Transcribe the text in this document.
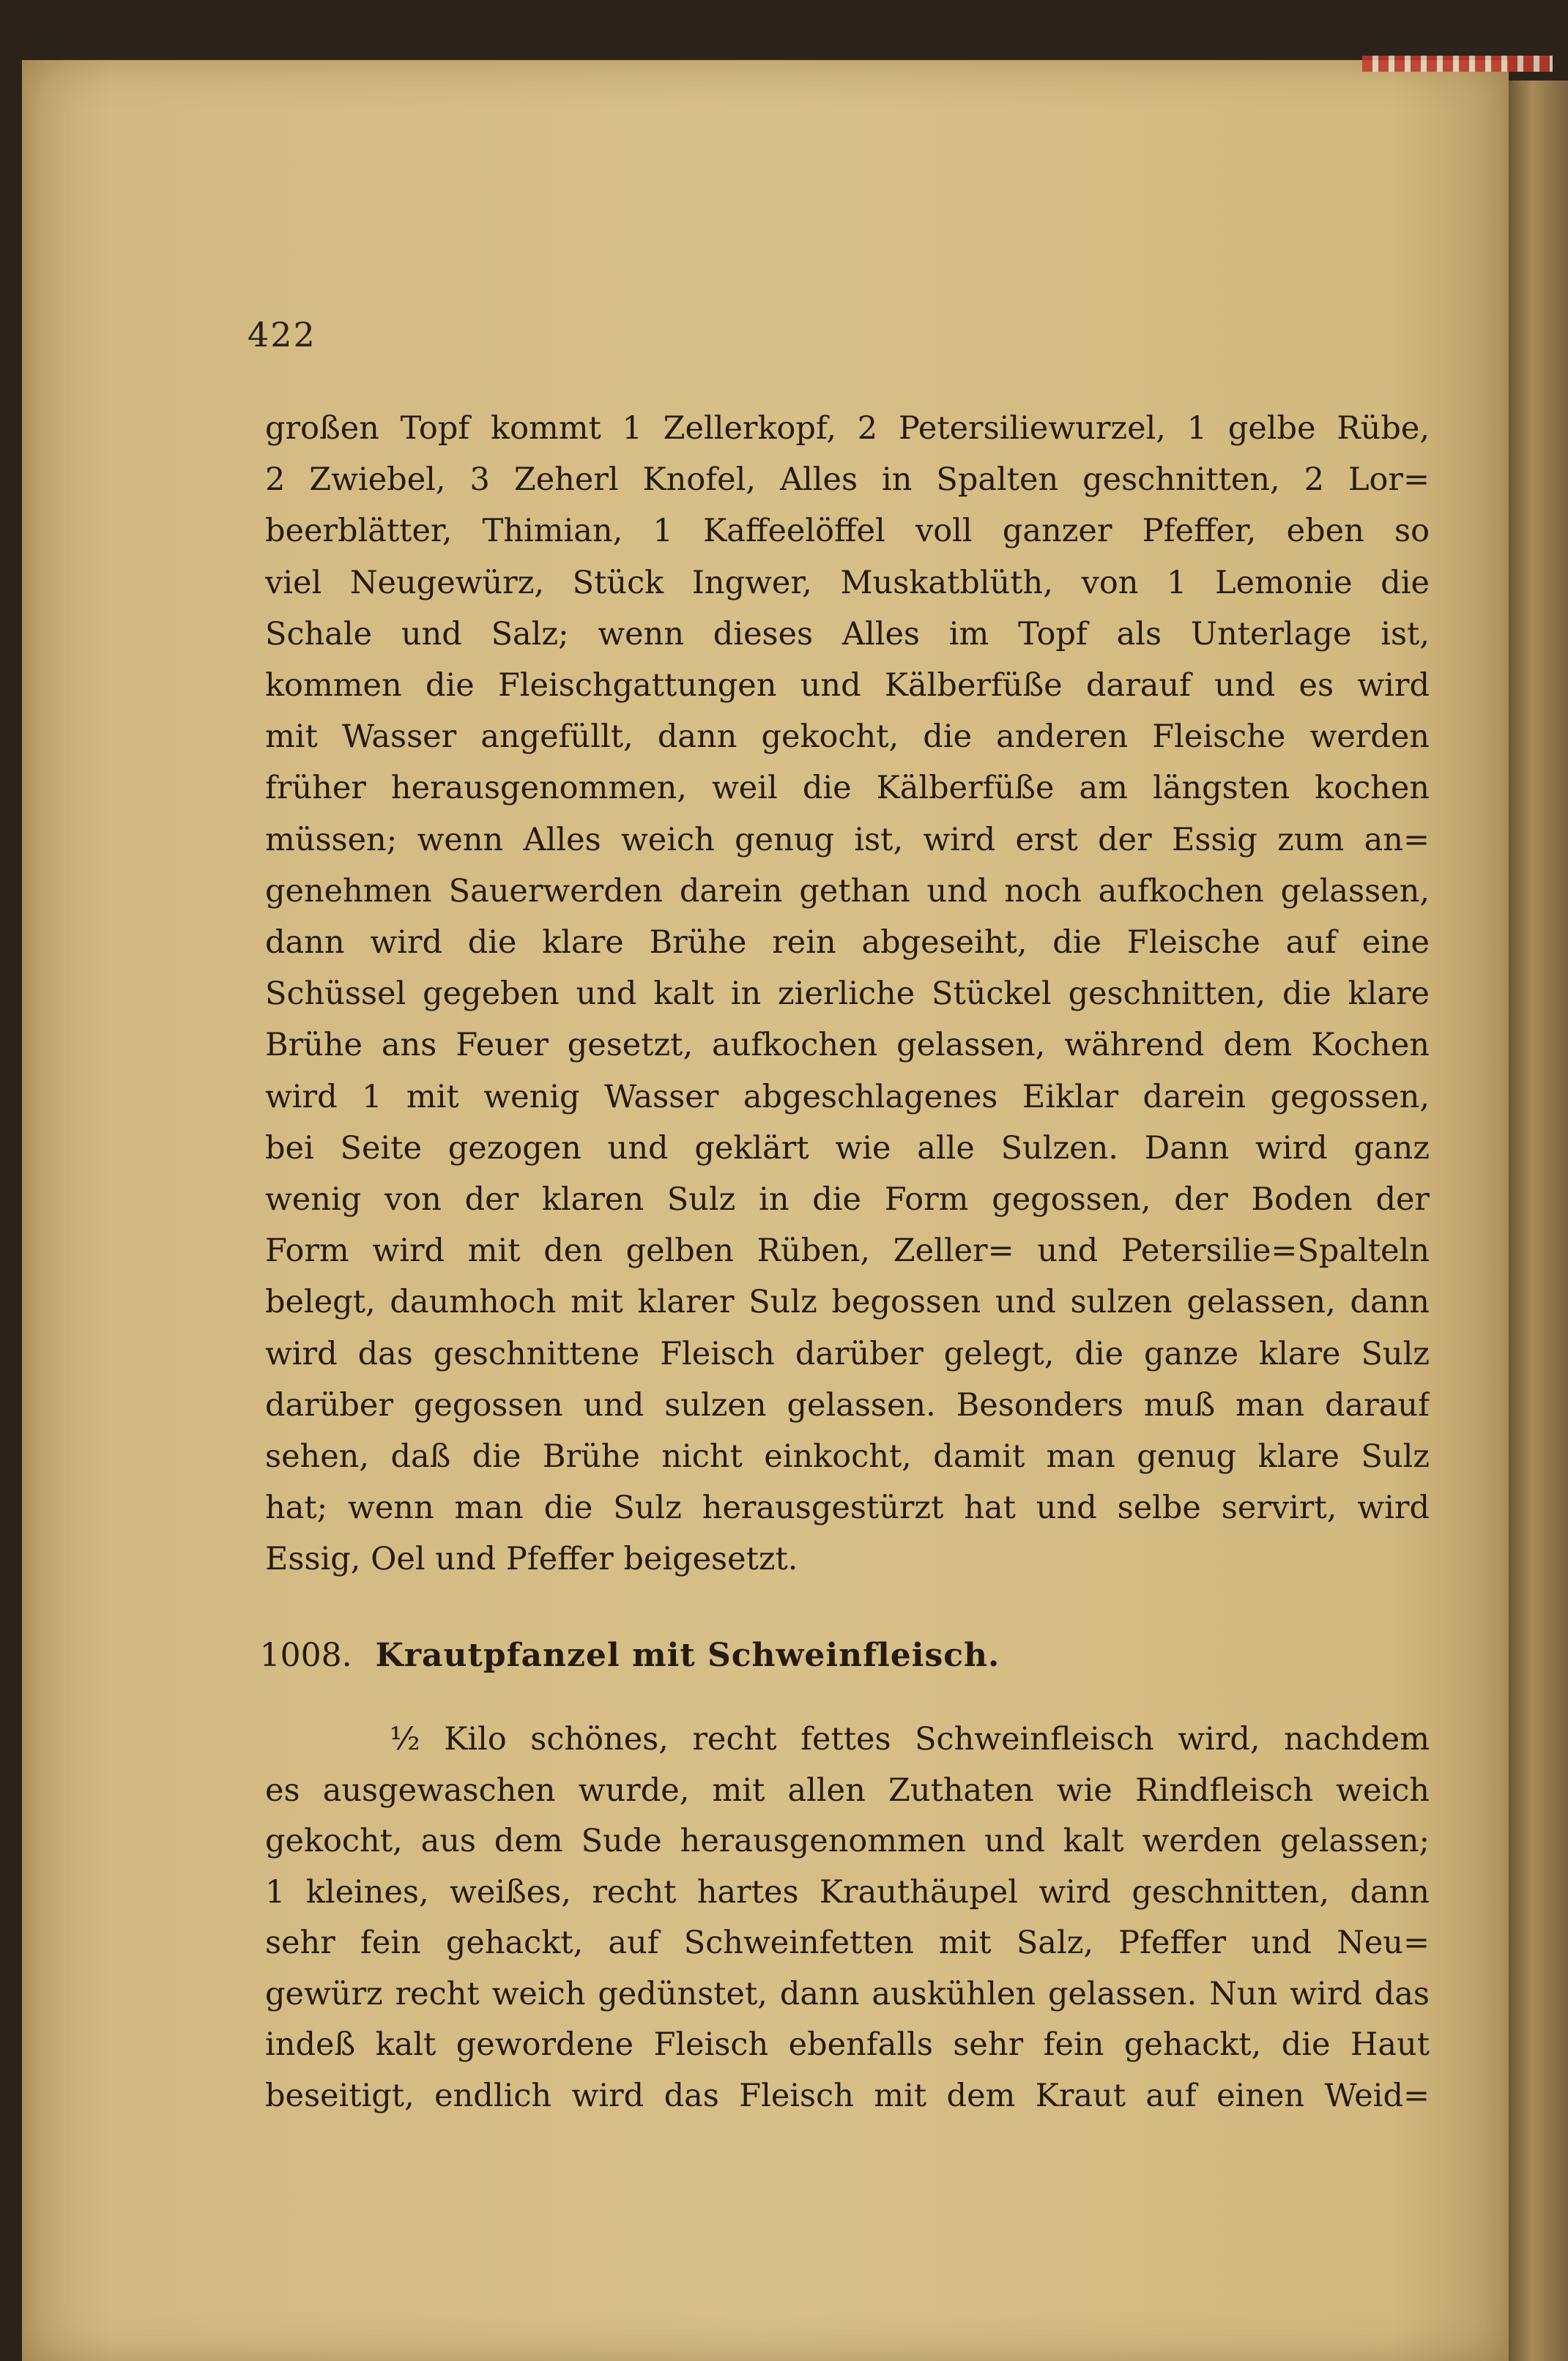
422
großen Topf kommt 1 Zellerkopf, 2 Petersiliewurzel, 1 gelbe Rübe,
2 Zwiebel, 3 Zeherl Knofel, Alles in Spalten geschnitten, 2 Lor=
beerblätter, Thimian, 1 Kaffeelöffel voll ganzer Pfeffer, eben so
viel Neugewürz, Stück Ingwer, Muskatblüth, von 1 Lemonie die
Schale und Salz; wenn dieses Alles im Topf als Unterlage ist,
kommen die Fleischgattungen und Kälberfüße darauf und es wird
mit Wasser angefüllt, dann gekocht, die anderen Fleische werden
früher herausgenommen, weil die Kälberfüße am längsten kochen
müssen; wenn Alles weich genug ist, wird erst der Essig zum an=
genehmen Sauerwerden darein gethan und noch aufkochen gelassen,
dann wird die klare Brühe rein abgeseiht, die Fleische auf eine
Schüssel gegeben und kalt in zierliche Stückel geschnitten, die klare
Brühe ans Feuer gesetzt, aufkochen gelassen, während dem Kochen
wird 1 mit wenig Wasser abgeschlagenes Eiklar darein gegossen,
bei Seite gezogen und geklärt wie alle Sulzen. Dann wird ganz
wenig von der klaren Sulz in die Form gegossen, der Boden der
Form wird mit den gelben Rüben, Zeller= und Petersilie=Spalteln
belegt, daumhoch mit klarer Sulz begossen und sulzen gelassen, dann
wird das geschnittene Fleisch darüber gelegt, die ganze klare Sulz
darüber gegossen und sulzen gelassen. Besonders muß man darauf
sehen, daß die Brühe nicht einkocht, damit man genug klare Sulz
hat; wenn man die Sulz herausgestürzt hat und selbe servirt, wird
Essig, Oel und Pfeffer beigesetzt.
1008. Krautpfanzel mit Schweinfleisch.
½ Kilo schönes, recht fettes Schweinfleisch wird, nachdem
es ausgewaschen wurde, mit allen Zuthaten wie Rindfleisch weich
gekocht, aus dem Sude herausgenommen und kalt werden gelassen;
1 kleines, weißes, recht hartes Krauthäupel wird geschnitten, dann
sehr fein gehackt, auf Schweinfetten mit Salz, Pfeffer und Neu=
gewürz recht weich gedünstet, dann auskühlen gelassen. Nun wird das
indeß kalt gewordene Fleisch ebenfalls sehr fein gehackt, die Haut
beseitigt, endlich wird das Fleisch mit dem Kraut auf einen Weid=
